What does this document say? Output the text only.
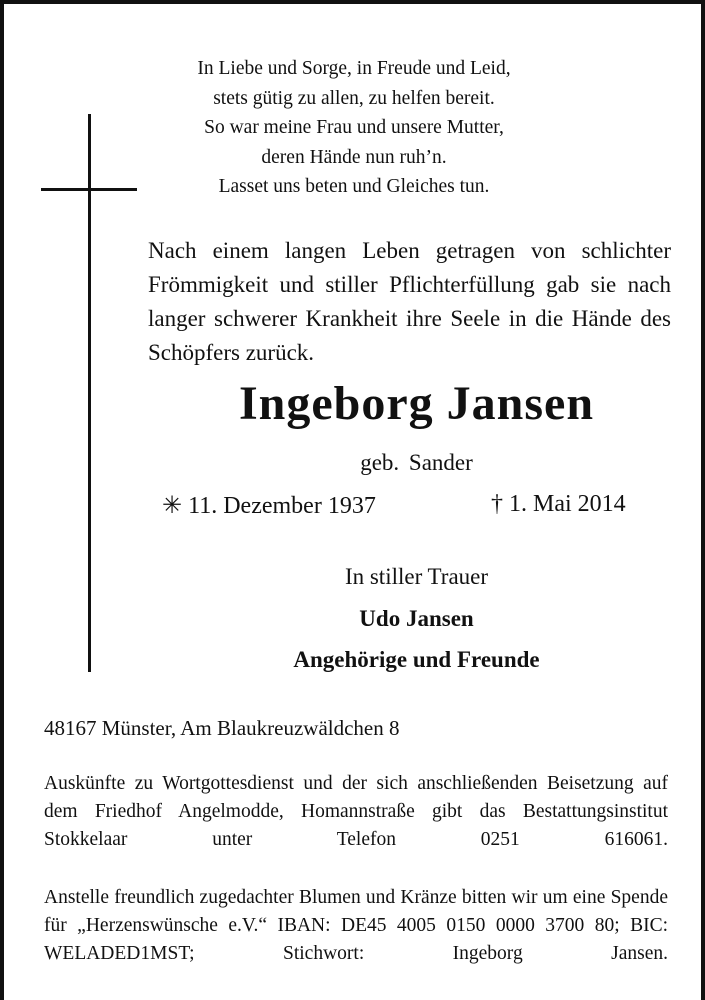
In Liebe und Sorge, in Freude und Leid,
stets gütig zu allen, zu helfen bereit.
So war meine Frau und unsere Mutter,
deren Hände nun ruh’n.
Lasset uns beten und Gleiches tun.
Nach einem langen Leben getragen von schlichter Frömmigkeit und stiller Pflichterfüllung gab sie nach langer schwerer Krankheit ihre Seele in die Hände des Schöpfers zurück.
Ingeborg Jansen
geb. Sander
✳ 11. Dezember 1937	† 1. Mai 2014
In stiller Trauer
Udo Jansen
Angehörige und Freunde
48167 Münster, Am Blaukreuzwäldchen 8
Auskünfte zu Wortgottesdienst und der sich anschließenden Beisetzung auf dem Friedhof Angelmodde, Homannstraße gibt das Bestattungsinstitut Stokkelaar unter Telefon 0251 616061.
Anstelle freundlich zugedachter Blumen und Kränze bitten wir um eine Spende für „Herzenswünsche e.V.“ IBAN: DE45 4005 0150 0000 3700 80; BIC: WELADED1MST; Stichwort: Ingeborg Jansen.
